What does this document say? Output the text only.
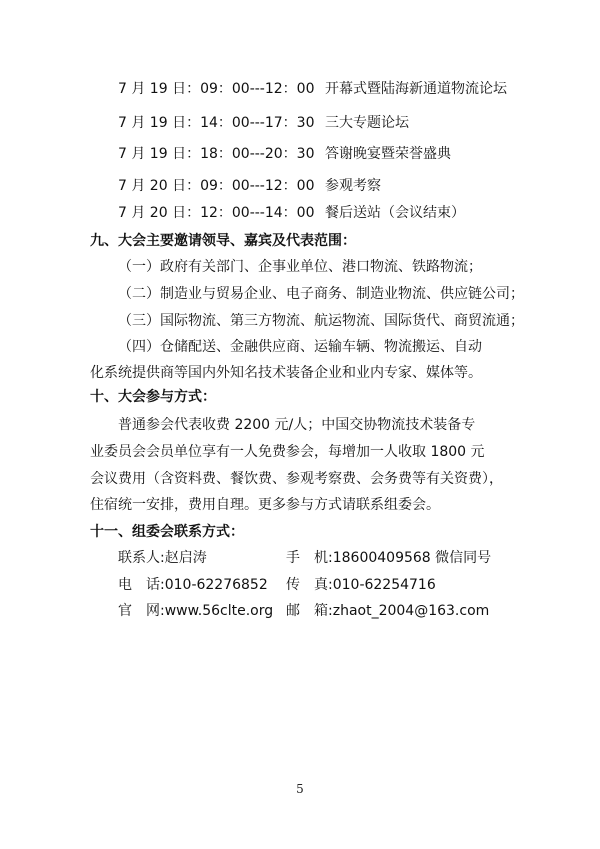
7 月 19 日：09：00---12：00 开幕式暨陆海新通道物流论坛
7 月 19 日：14：00---17：30 三大专题论坛
7 月 19 日：18：00---20：30 答谢晚宴暨荣誉盛典
7 月 20 日：09：00---12：00 参观考察
7 月 20 日：12：00---14：00 餐后送站（会议结束）
九、大会主要邀请领导、嘉宾及代表范围：
（一）政府有关部门、企事业单位、港口物流、铁路物流；
（二）制造业与贸易企业、电子商务、制造业物流、供应链公司；
（三）国际物流、第三方物流、航运物流、国际货代、商贸流通；
（四）仓储配送、金融供应商、运输车辆、物流搬运、自动
化系统提供商等国内外知名技术装备企业和业内专家、媒体等。
十、大会参与方式：
普通参会代表收费 2200 元/人；中国交协物流技术装备专
业委员会会员单位享有一人免费参会，每增加一人收取 1800 元
会议费用（含资料费、餐饮费、参观考察费、会务费等有关资费），
住宿统一安排，费用自理。更多参与方式请联系组委会。
十一、组委会联系方式：
联系人:赵启涛	手　机:18600409568 微信同号
电　话:010-62276852 传　真:010-62254716
官　网:www.56clte.org 邮　箱:zhaot_2004@163.com
5
